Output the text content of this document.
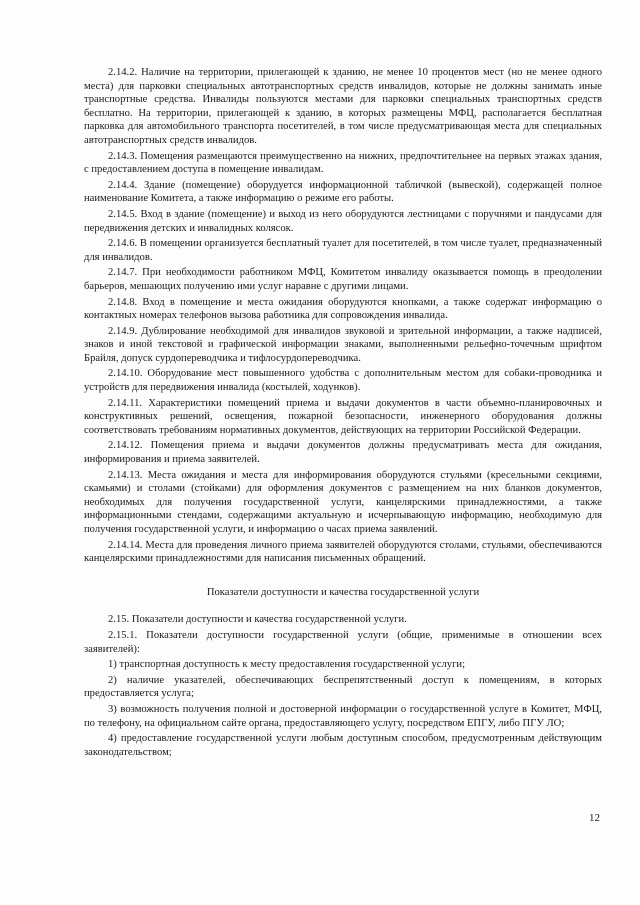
2.14.2. Наличие на территории, прилегающей к зданию, не менее 10 процентов мест (но не менее одного места) для парковки специальных автотранспортных средств инвалидов, которые не должны занимать иные транспортные средства. Инвалиды пользуются местами для парковки специальных транспортных средств бесплатно. На территории, прилегающей к зданию, в которых размещены МФЦ, располагается бесплатная парковка для автомобильного транспорта посетителей, в том числе предусматривающая места для специальных автотранспортных средств инвалидов.

2.14.3. Помещения размещаются преимущественно на нижних, предпочтительнее на первых этажах здания, с предоставлением доступа в помещение инвалидам.

2.14.4. Здание (помещение) оборудуется информационной табличкой (вывеской), содержащей полное наименование Комитета, а также информацию о режиме его работы.

2.14.5. Вход в здание (помещение) и выход из него оборудуются лестницами с поручнями и пандусами для передвижения детских и инвалидных колясок.

2.14.6. В помещении организуется бесплатный туалет для посетителей, в том числе туалет, предназначенный для инвалидов.

2.14.7. При необходимости работником МФЦ, Комитетом инвалиду оказывается помощь в преодолении барьеров, мешающих получению ими услуг наравне с другими лицами.

2.14.8. Вход в помещение и места ожидания оборудуются кнопками, а также содержат информацию о контактных номерах телефонов вызова работника для сопровождения инвалида.

2.14.9. Дублирование необходимой для инвалидов звуковой и зрительной информации, а также надписей, знаков и иной текстовой и графической информации знаками, выполненными рельефно-точечным шрифтом Брайля, допуск сурдопереводчика и тифлосурдопереводчика.

2.14.10. Оборудование мест повышенного удобства с дополнительным местом для собаки-проводника и устройств для передвижения инвалида (костылей, ходунков).

2.14.11. Характеристики помещений приема и выдачи документов в части объемно-планировочных и конструктивных решений, освещения, пожарной безопасности, инженерного оборудования должны соответствовать требованиям нормативных документов, действующих на территории Российской Федерации.

2.14.12. Помещения приема и выдачи документов должны предусматривать места для ожидания, информирования и приема заявителей.

2.14.13. Места ожидания и места для информирования оборудуются стульями (кресельными секциями, скамьями) и столами (стойками) для оформления документов с размещением на них бланков документов, необходимых для получения государственной услуги, канцелярскими принадлежностями, а также информационными стендами, содержащими актуальную и исчерпывающую информацию, необходимую для получения государственной услуги, и информацию о часах приема заявлений.

2.14.14. Места для проведения личного приема заявителей оборудуются столами, стульями, обеспечиваются канцелярскими принадлежностями для написания письменных обращений.

Показатели доступности и качества государственной услуги

2.15. Показатели доступности и качества государственной услуги.

2.15.1. Показатели доступности государственной услуги (общие, применимые в отношении всех заявителей):

1) транспортная доступность к месту предоставления государственной услуги;

2) наличие указателей, обеспечивающих беспрепятственный доступ к помещениям, в которых предоставляется услуга;

3) возможность получения полной и достоверной информации о государственной услуге в Комитет, МФЦ, по телефону, на официальном сайте органа, предоставляющего услугу, посредством ЕПГУ, либо ПГУ ЛО;

4) предоставление государственной услуги любым доступным способом, предусмотренным действующим законодательством;

12
